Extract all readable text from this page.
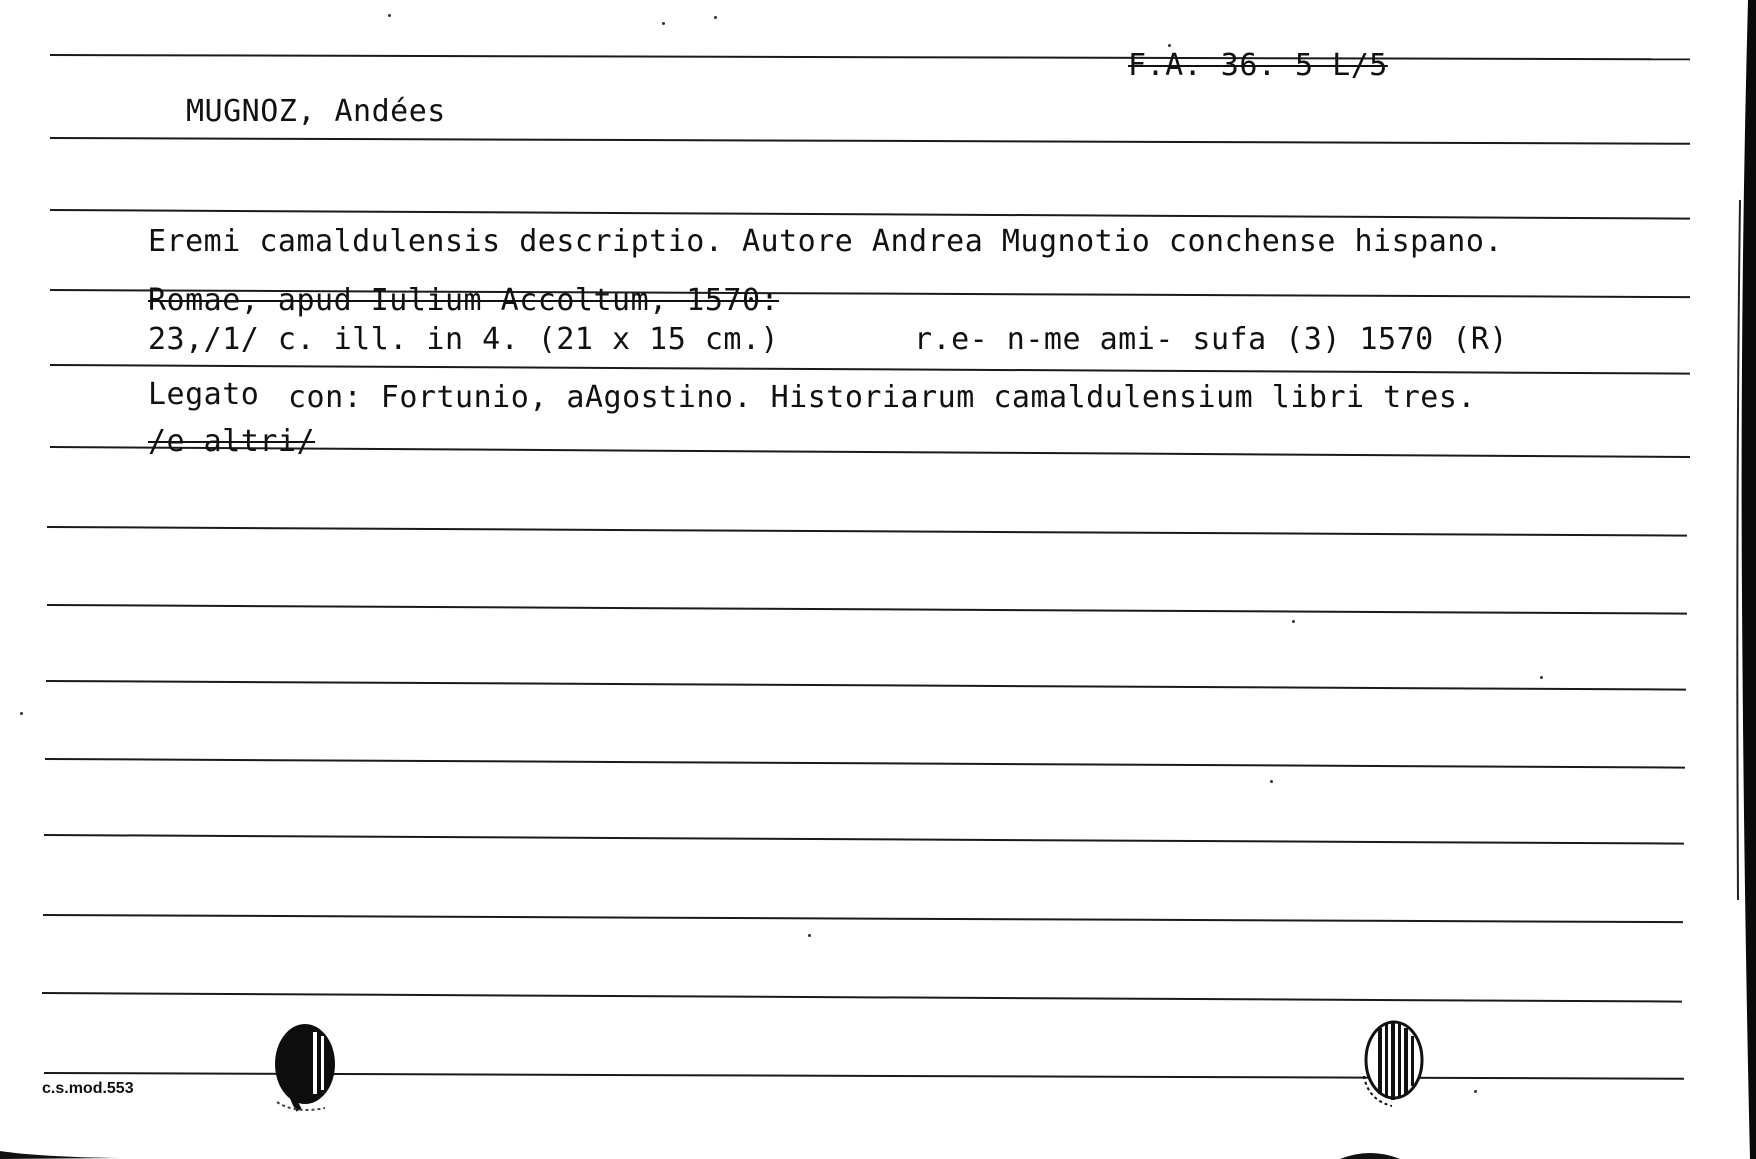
F.A. 36. 5 L/5
MUGNOZ, Andées
Eremi camaldulensis descriptio. Autore Andrea Mugnotio conchense hispano.
Romae, apud Iulium Accoltum, 1570:
23,/1/ c. ill. in 4. (21 x 15 cm.)	r.e- n-me ami- sufa (3) 1570 (R)
Legato con: Fortunio, aAgostino. Historiarum camaldulensium libri tres.
/e altri/
c.s.mod.553
